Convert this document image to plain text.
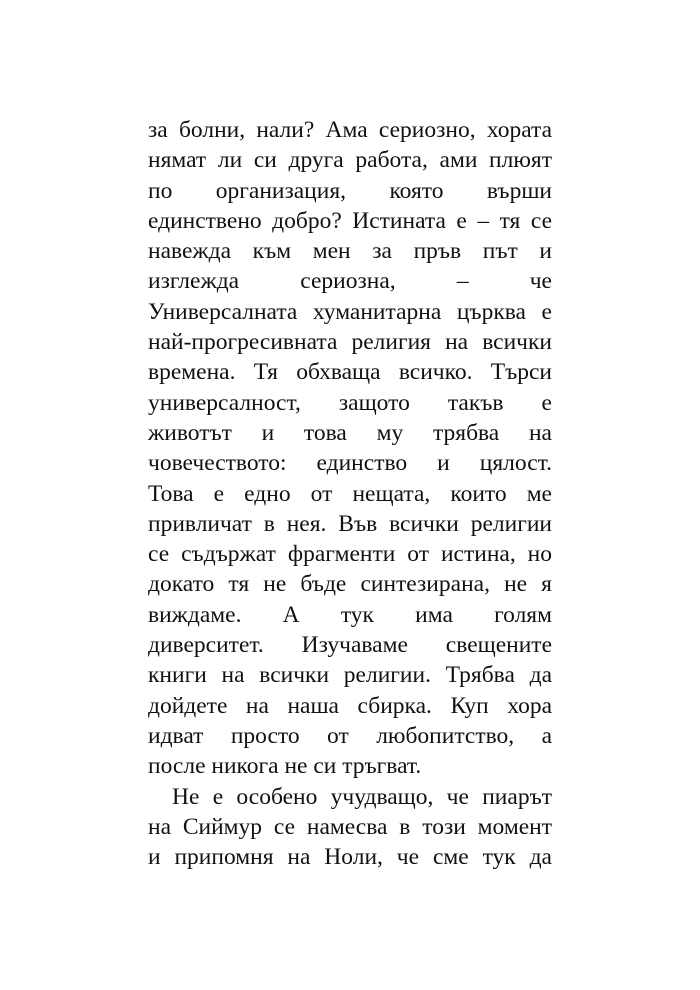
за болни, нали? Ама сериозно, хората
нямат ли си друга работа, ами плюят
по организация, която върши
единствено добро? Истината е – тя се
навежда към мен за пръв път и
изглежда сериозна, – че
Универсалната хуманитарна църква е
най-прогресивната религия на всички
времена. Тя обхваща всичко. Търси
универсалност, защото такъв е
животът и това му трябва на
човечеството: единство и цялост.
Това е едно от нещата, които ме
привличат в нея. Във всички религии
се съдържат фрагменти от истина, но
докато тя не бъде синтезирана, не я
виждаме. А тук има голям
диверситет. Изучаваме свещените
книги на всички религии. Трябва да
дойдете на наша сбирка. Куп хора
идват просто от любопитство, а
после никога не си тръгват.
Не е особено учудващо, че пиарът
на Сиймур се намесва в този момент
и припомня на Ноли, че сме тук да
